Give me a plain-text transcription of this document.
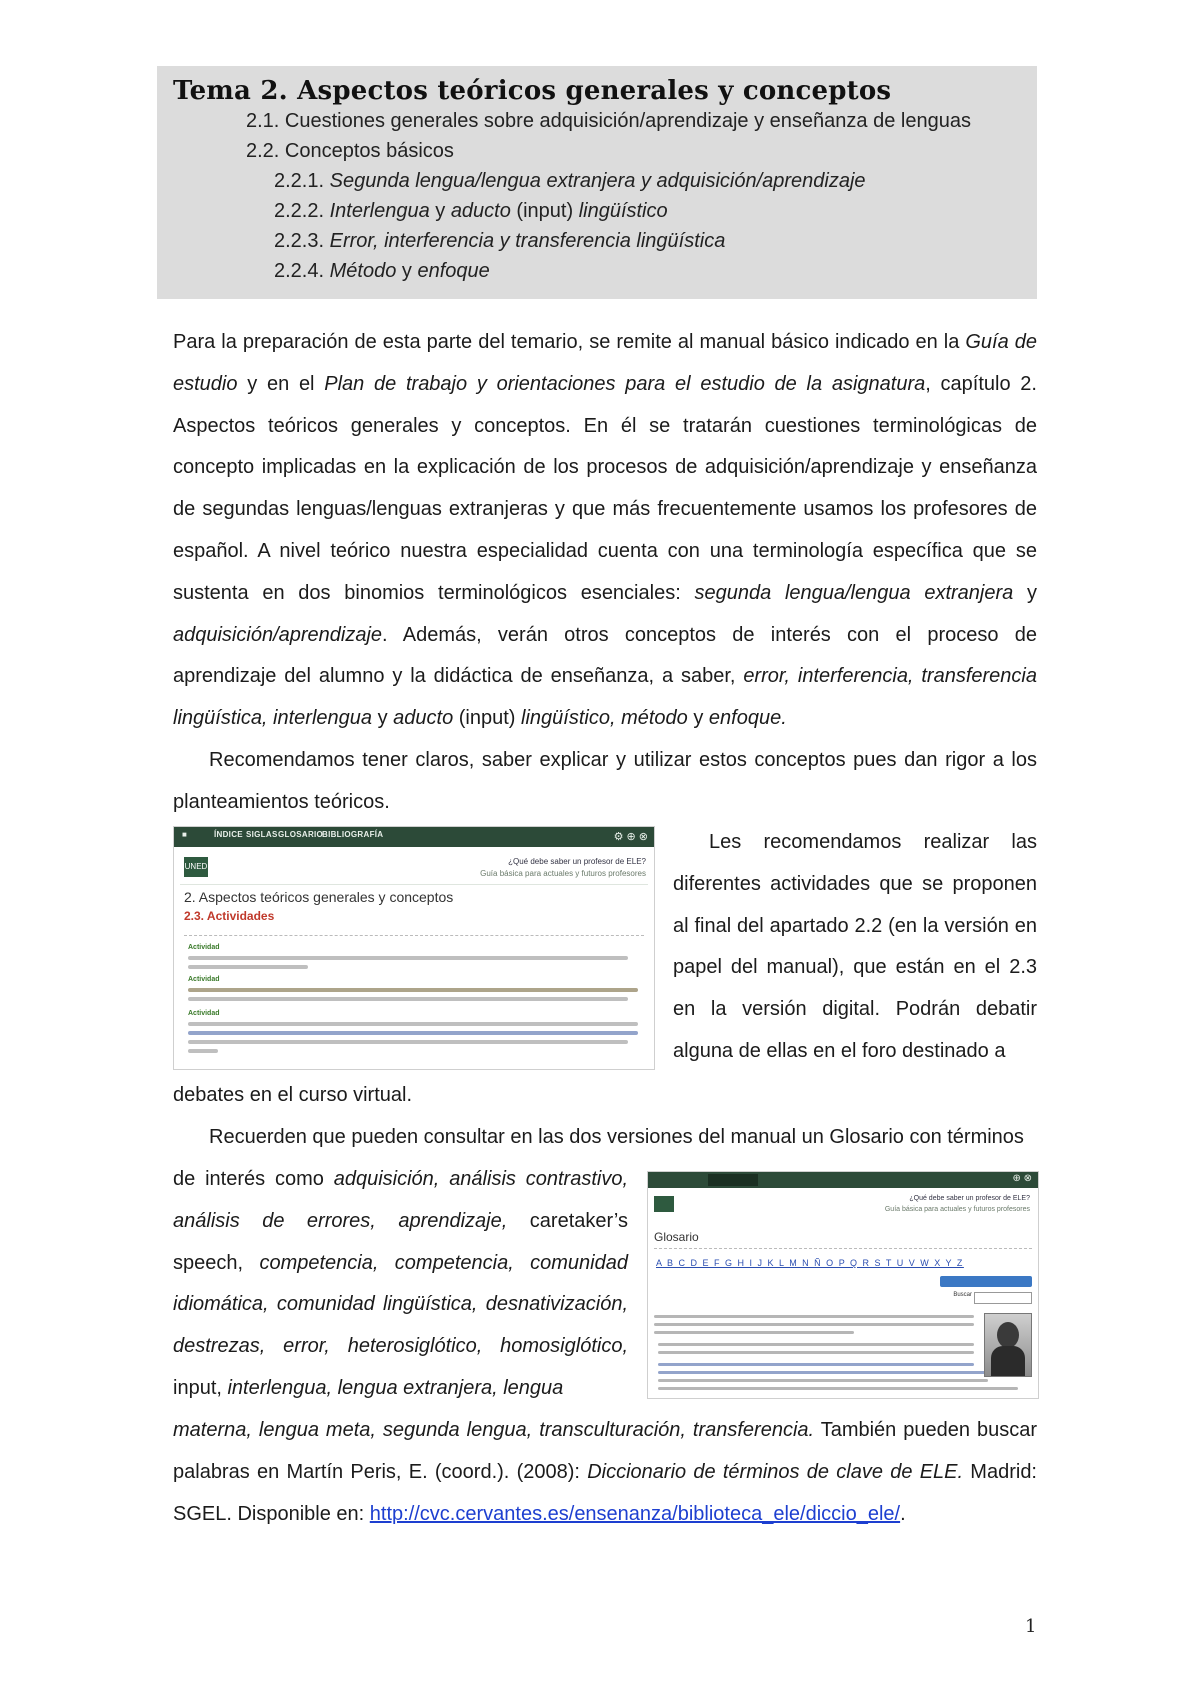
Tema 2. Aspectos teóricos generales y conceptos
2.1. Cuestiones generales sobre adquisición/aprendizaje y enseñanza de lenguas
2.2. Conceptos básicos
2.2.1. Segunda lengua/lengua extranjera y adquisición/aprendizaje
2.2.2. Interlengua y aducto (input) lingüístico
2.2.3. Error, interferencia y transferencia lingüística
2.2.4. Método y enfoque

Para la preparación de esta parte del temario, se remite al manual básico indicado en la Guía de estudio y en el Plan de trabajo y orientaciones para el estudio de la asignatura, capítulo 2. Aspectos teóricos generales y conceptos. En él se tratarán cuestiones terminológicas de concepto implicadas en la explicación de los procesos de adquisición/aprendizaje y enseñanza de segundas lenguas/lenguas extranjeras y que más frecuentemente usamos los profesores de español. A nivel teórico nuestra especialidad cuenta con una terminología específica que se sustenta en dos binomios terminológicos esenciales: segunda lengua/lengua extranjera y adquisición/aprendizaje. Además, verán otros conceptos de interés con el proceso de aprendizaje del alumno y la didáctica de enseñanza, a saber, error, interferencia, transferencia lingüística, interlengua y aducto (input) lingüístico, método y enfoque.

Recomendamos tener claros, saber explicar y utilizar estos conceptos pues dan rigor a los planteamientos teóricos.

■	ÍNDICE SIGLAS GLOSARIO
BIBLIOGRAFÍA	⚙ ⊕ ⊗
UNED
¿Qué debe saber un profesor de ELE?
Guía básica para actuales y futuros profesores
2. Aspectos teóricos generales y conceptos
2.3. Actividades
Actividad
Actividad
Actividad
Les recomendamos realizar las diferentes actividades que se proponen al final del apartado 2.2 (en la versión en papel del manual), que están en el 2.3 en la versión digital. Podrán debatir alguna de ellas en el foro destinado a

debates en el curso virtual.

Recuerden que pueden consultar en las dos versiones del manual un Glosario con términos

⊕ ⊗
¿Qué debe saber un profesor de ELE?
Guía básica para actuales y futuros profesores
Glosario
A B C D E F G H I J K L M N Ñ O P Q R S T U V W X Y Z
Buscar
de interés como adquisición, análisis contrastivo, análisis de errores, aprendizaje, caretaker’s speech, competencia, competencia, comunidad idiomática, comunidad lingüística, desnativización, destrezas, error, heterosiglótico, homosiglótico, input, interlengua, lengua extranjera, lengua

materna, lengua meta, segunda lengua, transculturación, transferencia. También pueden buscar palabras en Martín Peris, E. (coord.). (2008): Diccionario de términos de clave de ELE. Madrid: SGEL. Disponible en: http://cvc.cervantes.es/ensenanza/biblioteca_ele/diccio_ele/.

1
